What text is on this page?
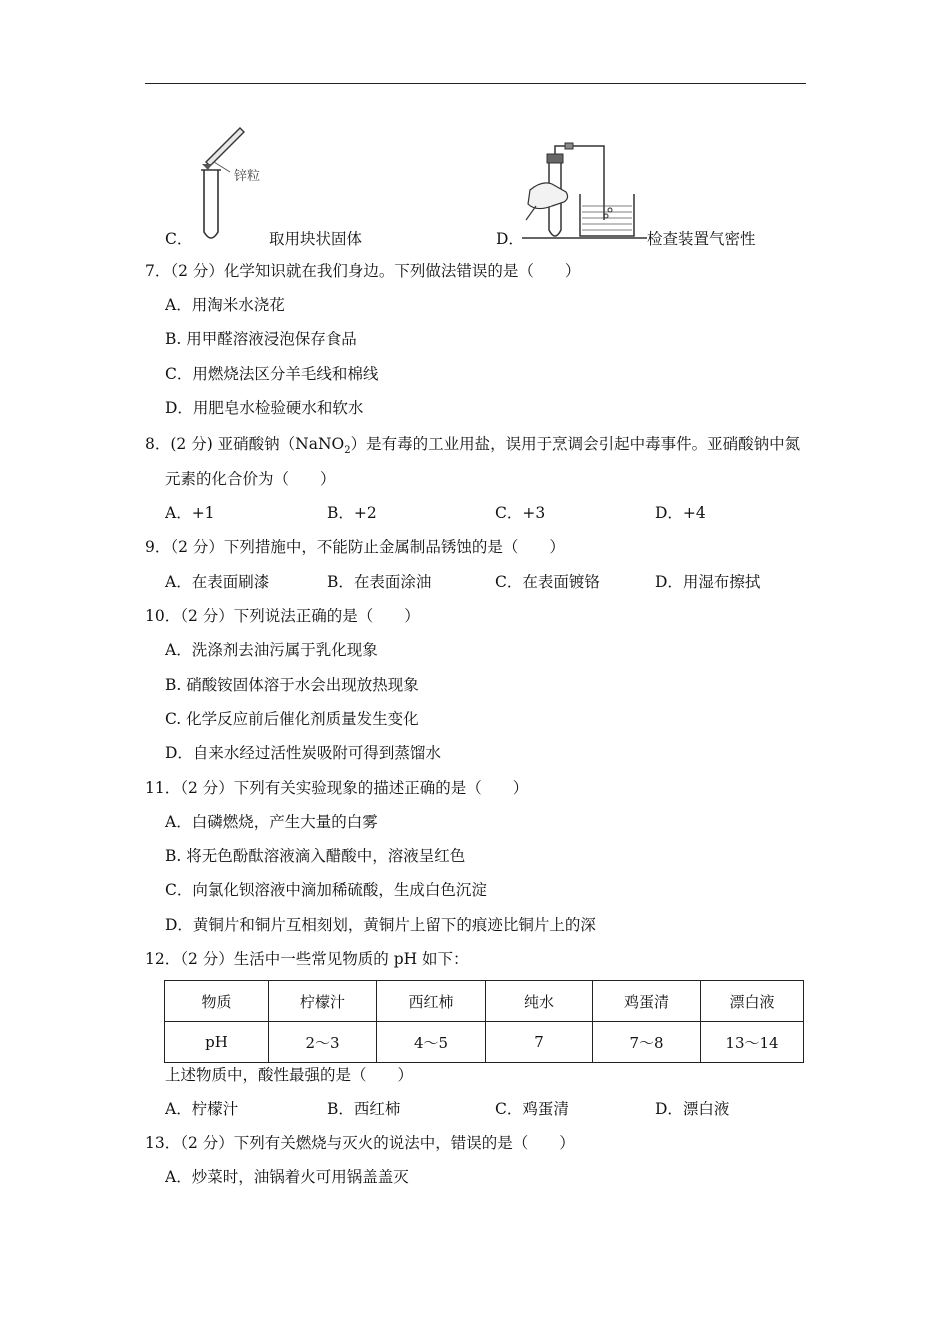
锌粒
C．	取用块状固体	D．	检查装置气密性
7．（2 分）化学知识就在我们身边。下列做法错误的是（　　）
A．用淘米水浇花
B. 用甲醛溶液浸泡保存食品
C．用燃烧法区分羊毛线和棉线
D．用肥皂水检验硬水和软水
8．(2 分) 亚硝酸钠（NaNO$_2$）是有毒的工业用盐，误用于烹调会引起中毒事件。亚硝酸钠中氮
元素的化合价为（　　）
A．+1	B．+2	C．+3	D．+4
9．（2 分）下列措施中，不能防止金属制品锈蚀的是（　　）
A．在表面刷漆	B．在表面涂油	C．在表面镀铬	D．用湿布擦拭
10．（2 分）下列说法正确的是（　　）
A．洗涤剂去油污属于乳化现象
B. 硝酸铵固体溶于水会出现放热现象
C. 化学反应前后催化剂质量发生变化
D．自来水经过活性炭吸附可得到蒸馏水
11．（2 分）下列有关实验现象的描述正确的是（　　）
A．白磷燃烧，产生大量的白雾
B. 将无色酚酞溶液滴入醋酸中，溶液呈红色
C．向氯化钡溶液中滴加稀硫酸，生成白色沉淀
D．黄铜片和铜片互相刻划，黄铜片上留下的痕迹比铜片上的深
12．（2 分）生活中一些常见物质的 pH 如下：
物质	柠檬汁	西红柿	纯水	鸡蛋清	漂白液
pH	2～3	4～5	7	7～8	13～14
上述物质中，酸性最强的是（　　）
A．柠檬汁	B．西红柿	C．鸡蛋清	D．漂白液
13．（2 分）下列有关燃烧与灭火的说法中，错误的是（　　）
A．炒菜时，油锅着火可用锅盖盖灭
